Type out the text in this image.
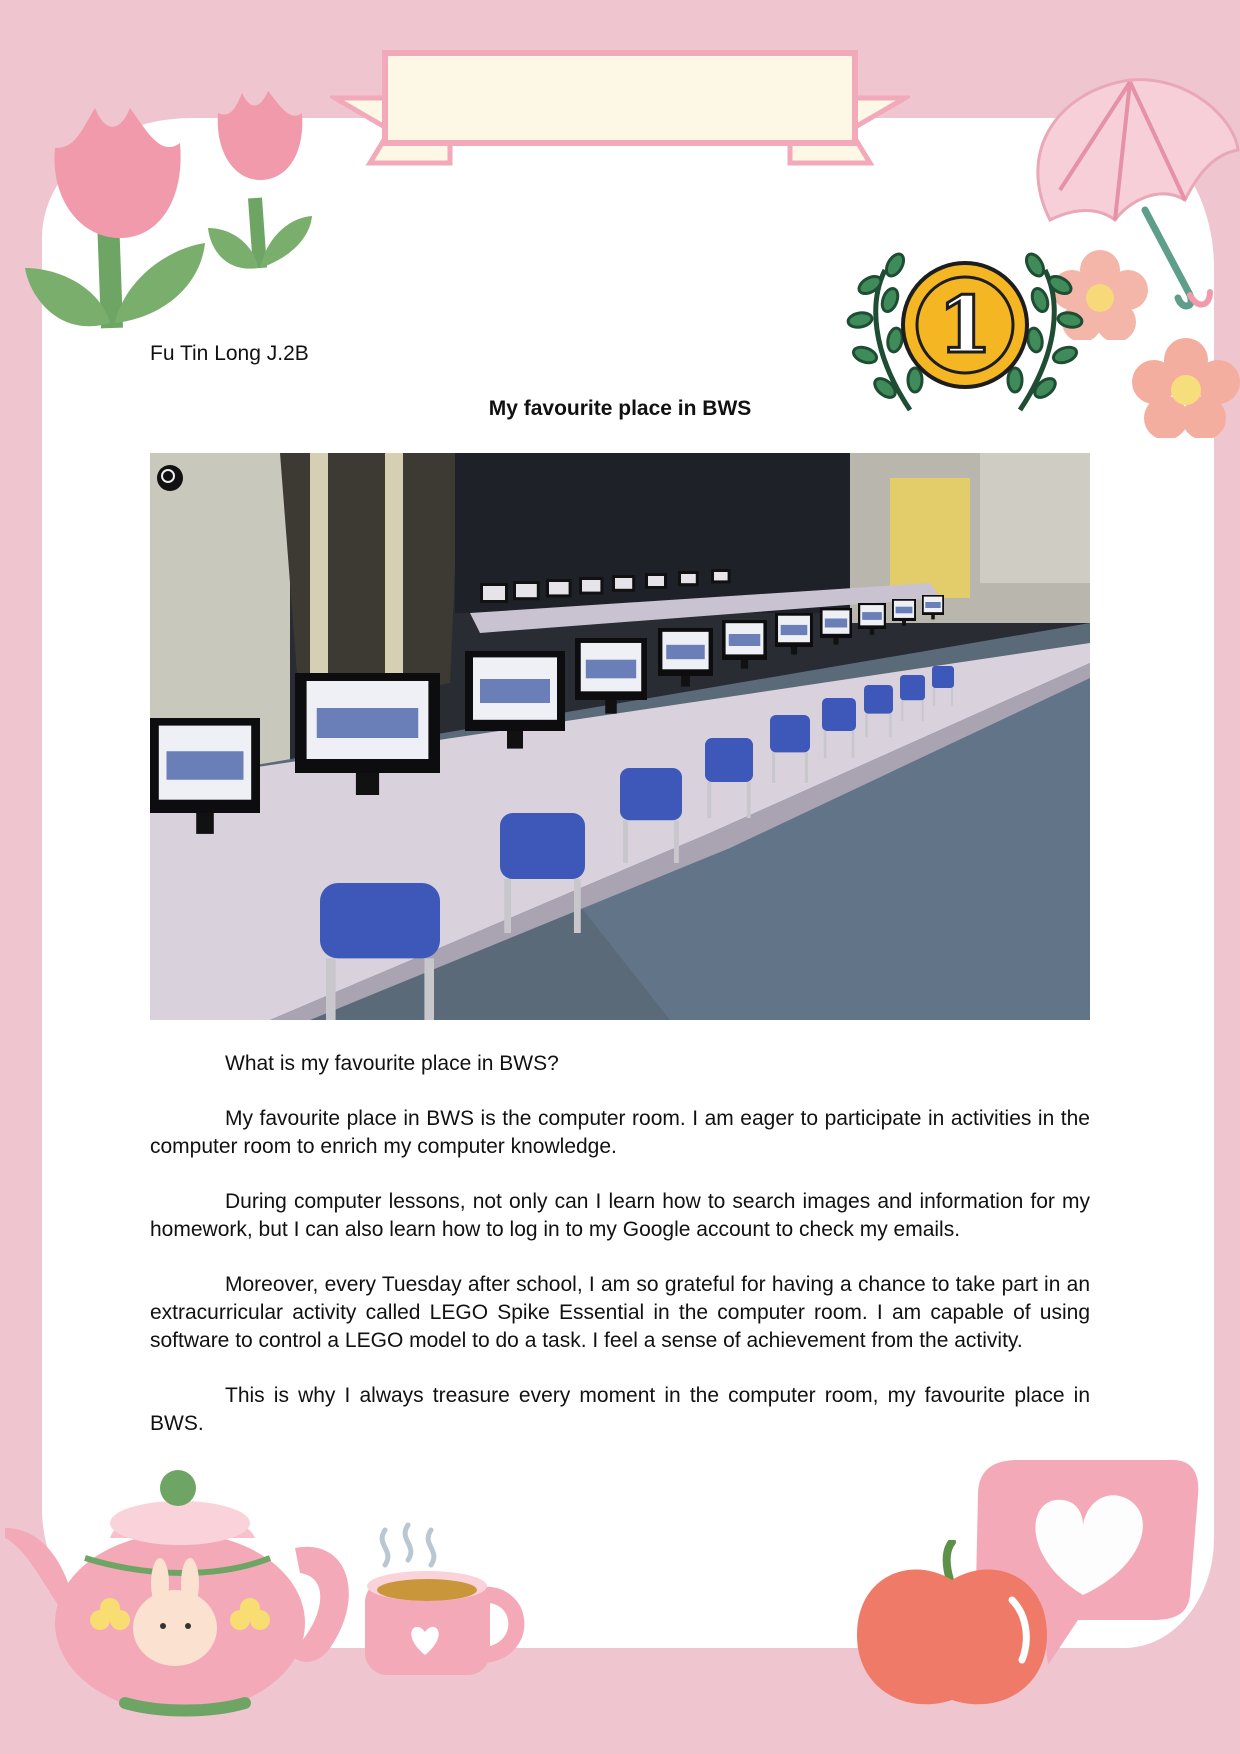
1
Fu Tin Long J.2B
My favourite place in BWS

What is my favourite place in BWS?

My favourite place in BWS is the computer room. I am eager to participate in activities in the computer room to enrich my computer knowledge.

During computer lessons, not only can I learn how to search images and information for my homework, but I can also learn how to log in to my Google account to check my emails.

Moreover, every Tuesday after school, I am so grateful for having a chance to take part in an extracurricular activity called LEGO Spike Essential in the computer room. I am capable of using software to control a LEGO model to do a task. I feel a sense of achievement from the activity.

This is why I always treasure every moment in the computer room, my favourite place in BWS.
